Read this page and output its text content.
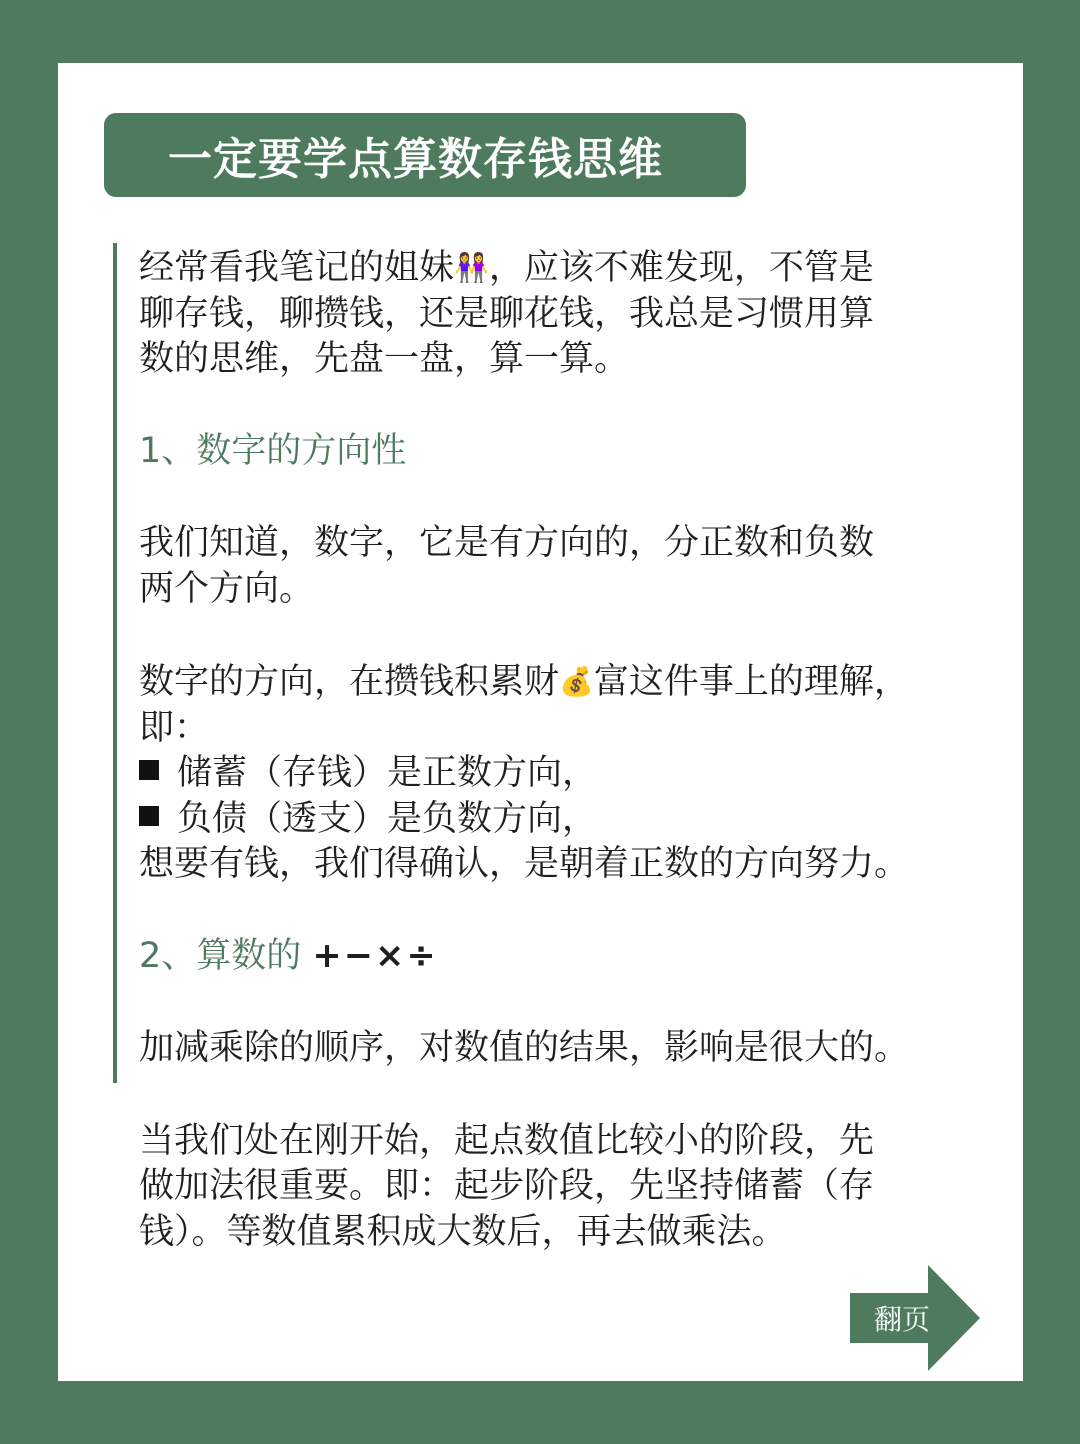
一定要学点算数存钱思维

经常看我笔记的姐妹👭，应该不难发现，不管是

聊存钱，聊攒钱，还是聊花钱，我总是习惯用算

数的思维，先盘一盘，算一算。

1、数字的方向性

我们知道，数字，它是有方向的，分正数和负数

两个方向。

数字的方向，在攒钱积累财💰富这件事上的理解，

即：

储蓄（存钱）是正数方向，

负债（透支）是负数方向，

想要有钱，我们得确认，是朝着正数的方向努力。

2、算数的 +−×÷

加减乘除的顺序，对数值的结果，影响是很大的。

当我们处在刚开始，起点数值比较小的阶段，先

做加法很重要。即：起步阶段，先坚持储蓄（存

钱）。等数值累积成大数后，再去做乘法。

翻页
